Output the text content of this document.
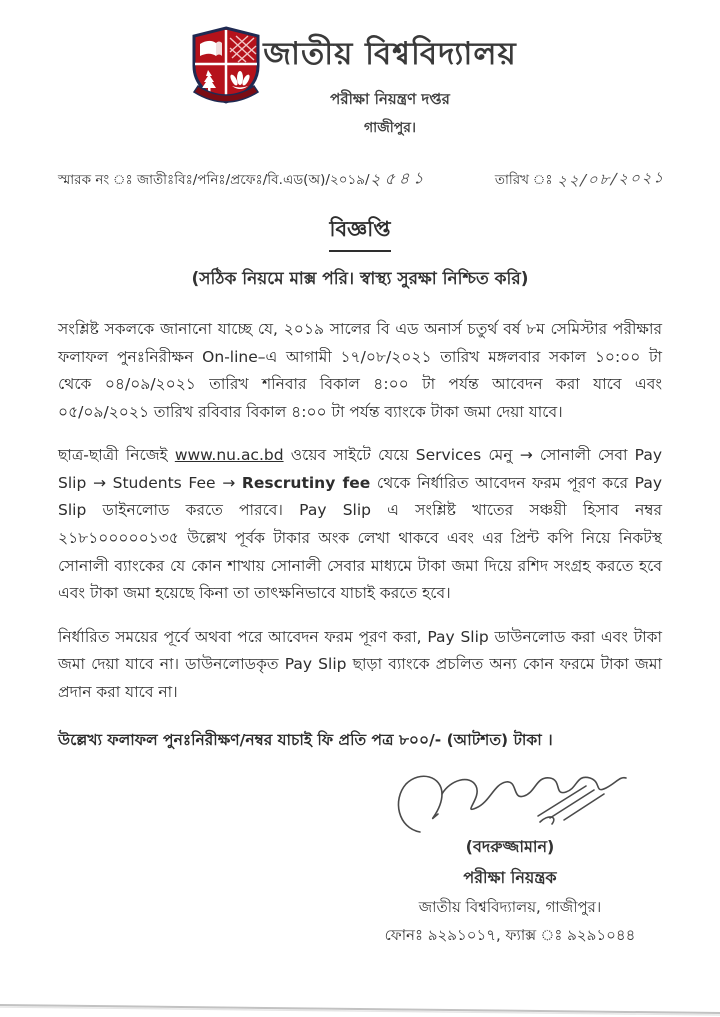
জাতীয় বিশ্ববিদ্যালয়
পরীক্ষা নিয়ন্ত্রণ দপ্তর
গাজীপুর।
স্মারক নং ঃ জাতীঃবিঃ/পনিঃ/প্রফেঃ/বি.এড(অ)/২০১৯/২৫৪১	তারিখ ঃ ২২/০৮/২০২১
বিজ্ঞপ্তি
(সঠিক নিয়মে মাক্স পরি। স্বাস্থ্য সুরক্ষা নিশ্চিত করি)

সংশ্লিষ্ট সকলকে জানানো যাচ্ছে যে, ২০১৯ সালের বি এড অনার্স চতুর্থ বর্ষ ৮ম সেমিস্টার পরীক্ষার ফলাফল পুনঃনিরীক্ষন On-line–এ আগামী ১৭/০৮/২০২১ তারিখ মঙ্গলবার সকাল ১০:০০ টা থেকে ০৪/০৯/২০২১ তারিখ শনিবার বিকাল ৪:০০ টা পর্যন্ত আবেদন করা যাবে এবং ০৫/০৯/২০২১ তারিখ রবিবার বিকাল ৪:০০ টা পর্যন্ত ব্যাংকে টাকা জমা দেয়া যাবে।

ছাত্র-ছাত্রী নিজেই www.nu.ac.bd ওয়েব সাইটে যেয়ে Services মেনু → সোনালী সেবা Pay Slip → Students Fee → Rescrutiny fee থেকে নির্ধারিত আবেদন ফরম পূরণ করে Pay Slip ডাইনলোড করতে পারবে। Pay Slip এ সংশ্লিষ্ট খাতের সঞ্চয়ী হিসাব নম্বর ২১৮১০০০০০১৩৫ উল্লেখ পূর্বক টাকার অংক লেখা থাকবে এবং এর প্রিন্ট কপি নিয়ে নিকটস্থ সোনালী ব্যাংকের যে কোন শাখায় সোনালী সেবার মাধ্যমে টাকা জমা দিয়ে রশিদ সংগ্রহ করতে হবে এবং টাকা জমা হয়েছে কিনা তা তাৎক্ষনিভাবে যাচাই করতে হবে।

নির্ধারিত সময়ের পূর্বে অথবা পরে আবেদন ফরম পূরণ করা, Pay Slip ডাউনলোড করা এবং টাকা জমা দেয়া যাবে না। ডাউনলোডকৃত Pay Slip ছাড়া ব্যাংকে প্রচলিত অন্য কোন ফরমে টাকা জমা প্রদান করা যাবে না।

উল্লেখ্য ফলাফল পুনঃনিরীক্ষণ/নম্বর যাচাই ফি প্রতি পত্র ৮০০/- (আটশত) টাকা ।

(বদরুজ্জামান)
পরীক্ষা নিয়ন্ত্রক
জাতীয় বিশ্ববিদ্যালয়, গাজীপুর।
ফোনঃ ৯২৯১০১৭, ফ্যাক্স ঃ ৯২৯১০৪৪
